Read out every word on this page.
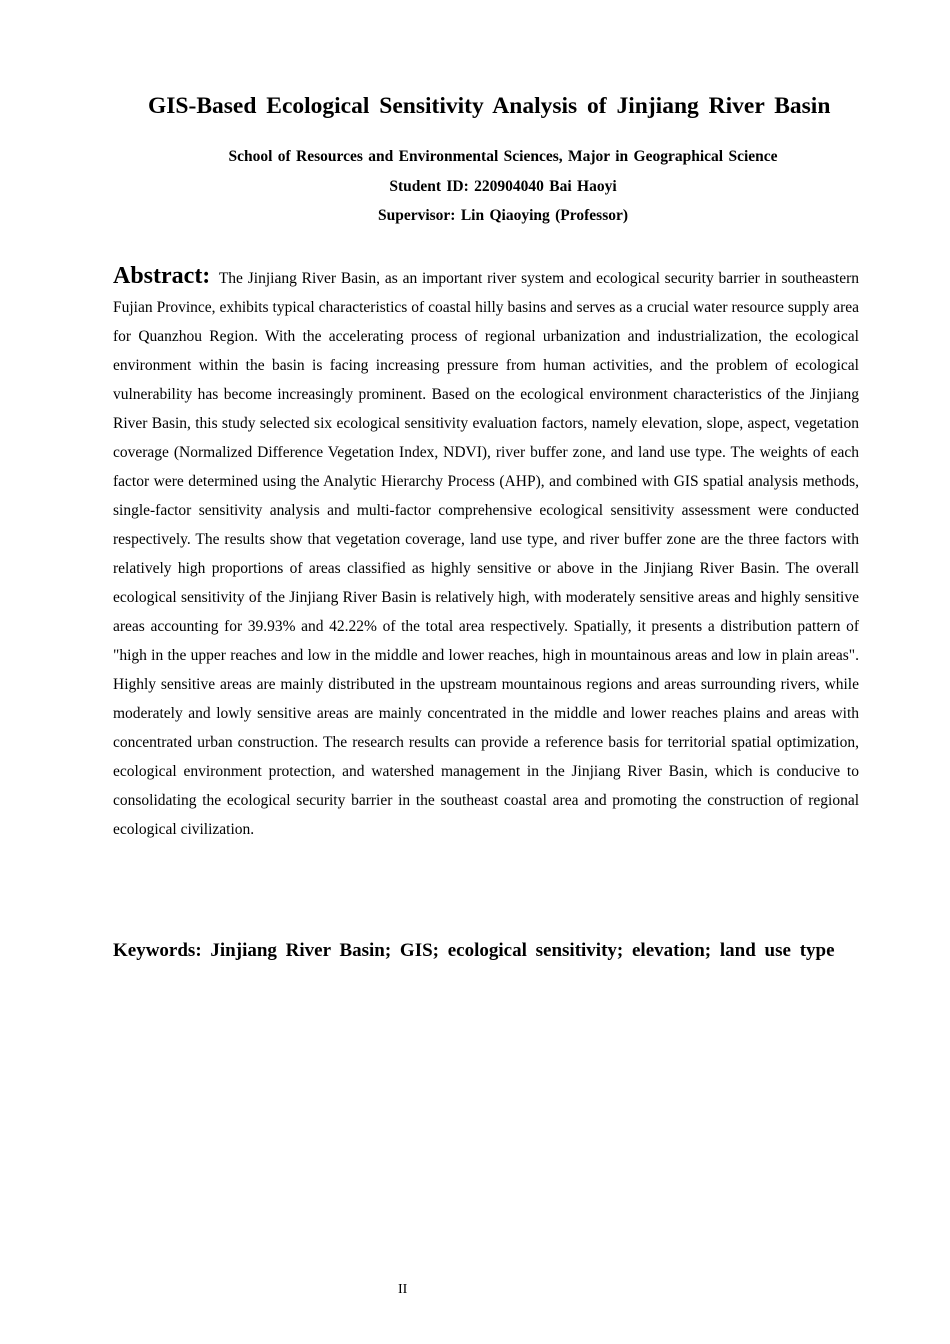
GIS-Based Ecological Sensitivity Analysis of Jinjiang River Basin
School of Resources and Environmental Sciences, Major in Geographical Science
Student ID: 220904040 Bai Haoyi
Supervisor: Lin Qiaoying (Professor)

Abstract: The Jinjiang River Basin, as an important river system and ecological security barrier in southeastern Fujian Province, exhibits typical characteristics of coastal hilly basins and serves as a crucial water resource supply area for Quanzhou Region. With the accelerating process of regional urbanization and industrialization, the ecological environment within the basin is facing increasing pressure from human activities, and the problem of ecological vulnerability has become increasingly prominent. Based on the ecological environment characteristics of the Jinjiang River Basin, this study selected six ecological sensitivity evaluation factors, namely elevation, slope, aspect, vegetation coverage (Normalized Difference Vegetation Index, NDVI), river buffer zone, and land use type. The weights of each factor were determined using the Analytic Hierarchy Process (AHP), and combined with GIS spatial analysis methods, single-factor sensitivity analysis and multi-factor comprehensive ecological sensitivity assessment were conducted respectively. The results show that vegetation coverage, land use type, and river buffer zone are the three factors with relatively high proportions of areas classified as highly sensitive or above in the Jinjiang River Basin. The overall ecological sensitivity of the Jinjiang River Basin is relatively high, with moderately sensitive areas and highly sensitive areas accounting for 39.93% and 42.22% of the total area respectively. Spatially, it presents a distribution pattern of "high in the upper reaches and low in the middle and lower reaches, high in mountainous areas and low in plain areas". Highly sensitive areas are mainly distributed in the upstream mountainous regions and areas surrounding rivers, while moderately and lowly sensitive areas are mainly concentrated in the middle and lower reaches plains and areas with concentrated urban construction. The research results can provide a reference basis for territorial spatial optimization, ecological environment protection, and watershed management in the Jinjiang River Basin, which is conducive to consolidating the ecological security barrier in the southeast coastal area and promoting the construction of regional ecological civilization.

Keywords: Jinjiang River Basin; GIS; ecological sensitivity; elevation; land use type

II
